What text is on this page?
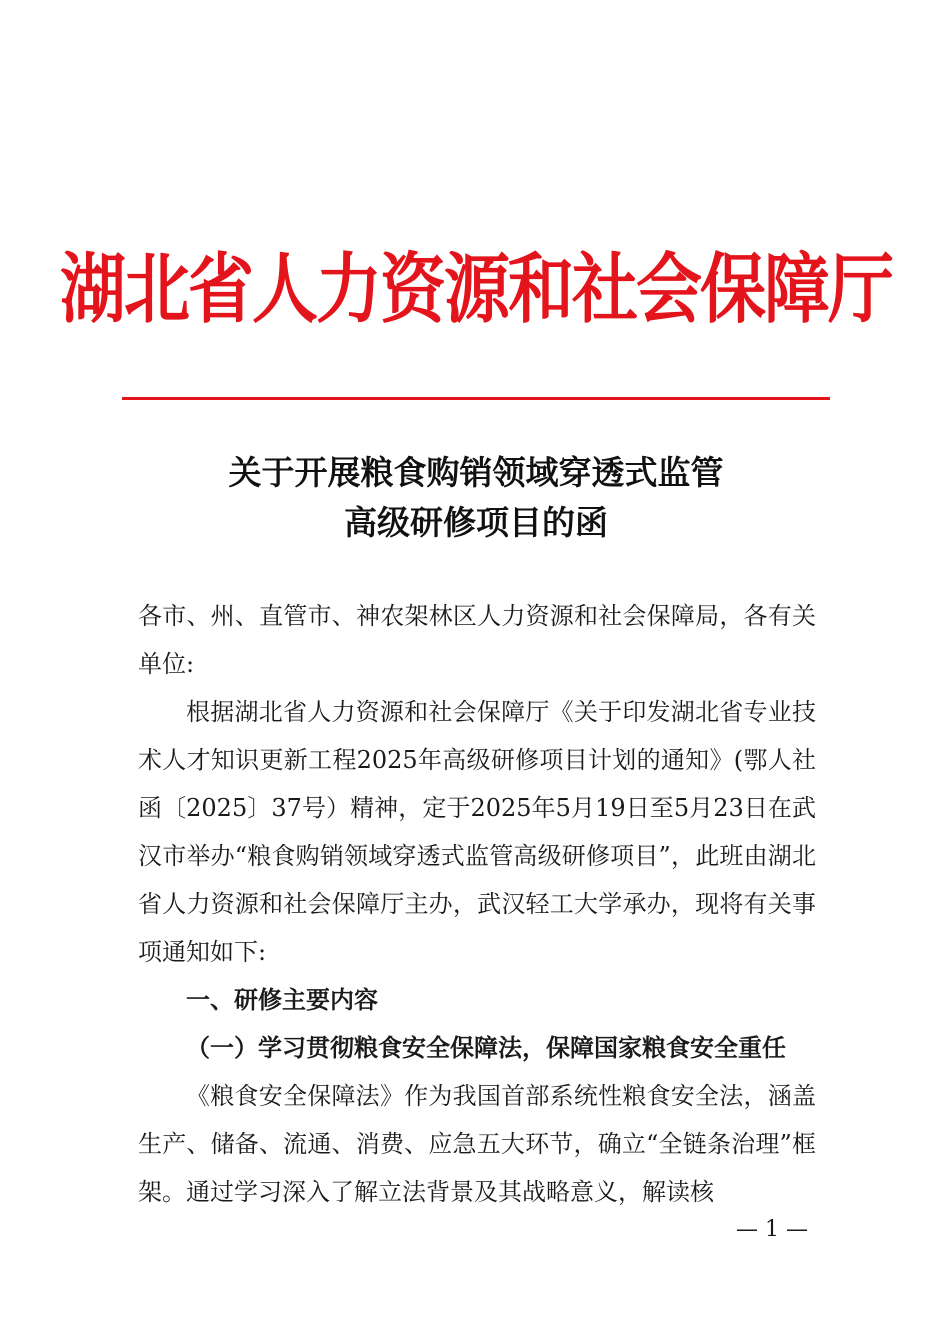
湖北省人力资源和社会保障厅
关于开展粮食购销领域穿透式监管
高级研修项目的函

各市、州、直管市、神农架林区人力资源和社会保障局，各有关单位:

根据湖北省人力资源和社会保障厅《关于印发湖北省专业技术人才知识更新工程2025年高级研修项目计划的通知》(鄂人社函〔2025〕37号）精神，定于2025年5月19日至5月23日在武汉市举办“粮食购销领域穿透式监管高级研修项目”，此班由湖北省人力资源和社会保障厅主办，武汉轻工大学承办，现将有关事项通知如下:

一、研修主要内容

（一）学习贯彻粮食安全保障法，保障国家粮食安全重任

《粮食安全保障法》作为我国首部系统性粮食安全法，涵盖生产、储备、流通、消费、应急五大环节，确立“全链条治理”框架。通过学习深入了解立法背景及其战略意义，解读核

— 1 —
